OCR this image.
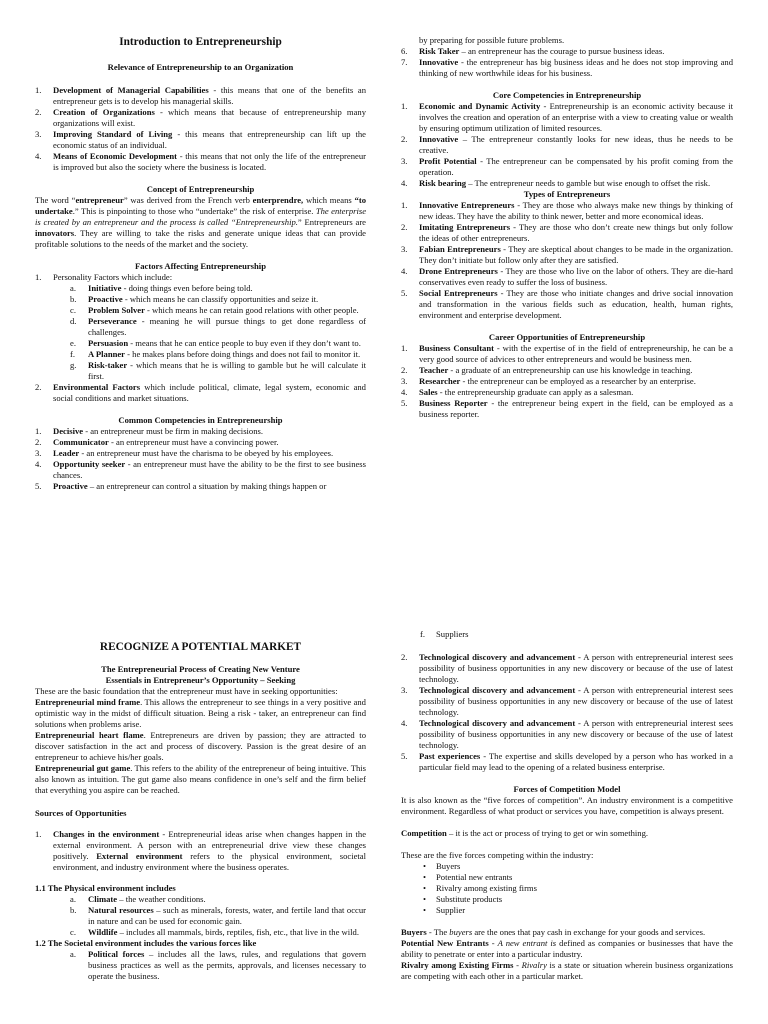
Introduction to Entrepreneurship
Relevance of Entrepreneurship to an Organization
1. Development of Managerial Capabilities - this means that one of the benefits an entrepreneur gets is to develop his managerial skills.
2. Creation of Organizations - which means that because of entrepreneurship many organizations will exist.
3. Improving Standard of Living - this means that entrepreneurship can lift up the economic status of an individual.
4. Means of Economic Development - this means that not only the life of the entrepreneur is improved but also the society where the business is located.
Concept of Entrepreneurship

The word “entrepreneur” was derived from the French verb enterprendre, which means “to undertake.” This is pinpointing to those who “undertake” the risk of enterprise. The enterprise is created by an entrepreneur and the process is called “Entrepreneurship.” Entrepreneurs are innovators. They are willing to take the risks and generate unique ideas that can provide profitable solutions to the needs of the market and the society.

Factors Affecting Entrepreneurship
1. Personality Factors which include:
a. Initiative - doing things even before being told.
b. Proactive - which means he can classify opportunities and seize it.
c. Problem Solver - which means he can retain good relations with other people.
d. Perseverance - meaning he will pursue things to get done regardless of challenges.
e. Persuasion - means that he can entice people to buy even if they don’t want to.
f. A Planner - he makes plans before doing things and does not fail to monitor it.
g. Risk-taker - which means that he is willing to gamble but he will calculate it first.
2. Environmental Factors which include political, climate, legal system, economic and social conditions and market situations.
Common Competencies in Entrepreneurship
1. Decisive - an entrepreneur must be firm in making decisions.
2. Communicator - an entrepreneur must have a convincing power.
3. Leader - an entrepreneur must have the charisma to be obeyed by his employees.
4. Opportunity seeker - an entrepreneur must have the ability to be the first to see business chances.
5. Proactive – an entrepreneur can control a situation by making things happen or
by preparing for possible future problems.
6. Risk Taker – an entrepreneur has the courage to pursue business ideas.
7. Innovative - the entrepreneur has big business ideas and he does not stop improving and thinking of new worthwhile ideas for his business.
Core Competencies in Entrepreneurship
1. Economic and Dynamic Activity - Entrepreneurship is an economic activity because it involves the creation and operation of an enterprise with a view to creating value or wealth by ensuring optimum utilization of limited resources.
2. Innovative – The entrepreneur constantly looks for new ideas, thus he needs to be creative.
3. Profit Potential - The entrepreneur can be compensated by his profit coming from the operation.
4. Risk bearing – The entrepreneur needs to gamble but wise enough to offset the risk.
Types of Entrepreneurs
1. Innovative Entrepreneurs - They are those who always make new things by thinking of new ideas. They have the ability to think newer, better and more economical ideas.
2. Imitating Entrepreneurs - They are those who don’t create new things but only follow the ideas of other entrepreneurs.
3. Fabian Entrepreneurs - They are skeptical about changes to be made in the organization. They don’t initiate but follow only after they are satisfied.
4. Drone Entrepreneurs - They are those who live on the labor of others. They are die-hard conservatives even ready to suffer the loss of business.
5. Social Entrepreneurs - They are those who initiate changes and drive social innovation and transformation in the various fields such as education, health, human rights, environment and enterprise development.
Career Opportunities of Entrepreneurship
1. Business Consultant - with the expertise of in the field of entrepreneurship, he can be a very good source of advices to other entrepreneurs and would be business men.
2. Teacher - a graduate of an entrepreneurship can use his knowledge in teaching.
3. Researcher - the entrepreneur can be employed as a researcher by an enterprise.
4. Sales - the entrepreneurship graduate can apply as a salesman.
5. Business Reporter - the entrepreneur being expert in the field, can be employed as a business reporter.
RECOGNIZE A POTENTIAL MARKET
The Entrepreneurial Process of Creating New Venture
Essentials in Entrepreneur’s Opportunity – Seeking

These are the basic foundation that the entrepreneur must have in seeking opportunities:

Entrepreneurial mind frame. This allows the entrepreneur to see things in a very positive and optimistic way in the midst of difficult situation. Being a risk - taker, an entrepreneur can find solutions when problems arise.

Entrepreneurial heart flame. Entrepreneurs are driven by passion; they are attracted to discover satisfaction in the act and process of discovery. Passion is the great desire of an entrepreneur to achieve his/her goals.

Entrepreneurial gut game. This refers to the ability of the entrepreneur of being intuitive. This also known as intuition. The gut game also means confidence in one’s self and the firm belief that everything you aspire can be reached.

Sources of Opportunities
1. Changes in the environment - Entrepreneurial ideas arise when changes happen in the external environment. A person with an entrepreneurial drive view these changes positively. External environment refers to the physical environment, societal environment, and industry environment where the business operates.
1.1 The Physical environment includes
a. Climate – the weather conditions.
b. Natural resources – such as minerals, forests, water, and fertile land that occur in nature and can be used for economic gain.
c. Wildlife – includes all mammals, birds, reptiles, fish, etc., that live in the wild.
1.2 The Societal environment includes the various forces like
a. Political forces – includes all the laws, rules, and regulations that govern business practices as well as the permits, approvals, and licenses necessary to operate the business.
f. Suppliers
2. Technological discovery and advancement - A person with entrepreneurial interest sees possibility of business opportunities in any new discovery or because of the use of latest technology.
3. Technological discovery and advancement - A person with entrepreneurial interest sees possibility of business opportunities in any new discovery or because of the use of latest technology.
4. Technological discovery and advancement - A person with entrepreneurial interest sees possibility of business opportunities in any new discovery or because of the use of latest technology.
5. Past experiences - The expertise and skills developed by a person who has worked in a particular field may lead to the opening of a related business enterprise.
Forces of Competition Model

It is also known as the “five forces of competition”. An industry environment is a competitive environment. Regardless of what product or services you have, competition is always present.

Competition – it is the act or process of trying to get or win something.

These are the five forces competing within the industry:

• Buyers
• Potential new entrants
• Rivalry among existing firms
• Substitute products
• Supplier

Buyers - The buyers are the ones that pay cash in exchange for your goods and services.

Potential New Entrants - A new entrant is defined as companies or businesses that have the ability to penetrate or enter into a particular industry.

Rivalry among Existing Firms - Rivalry is a state or situation wherein business organizations are competing with each other in a particular market.
